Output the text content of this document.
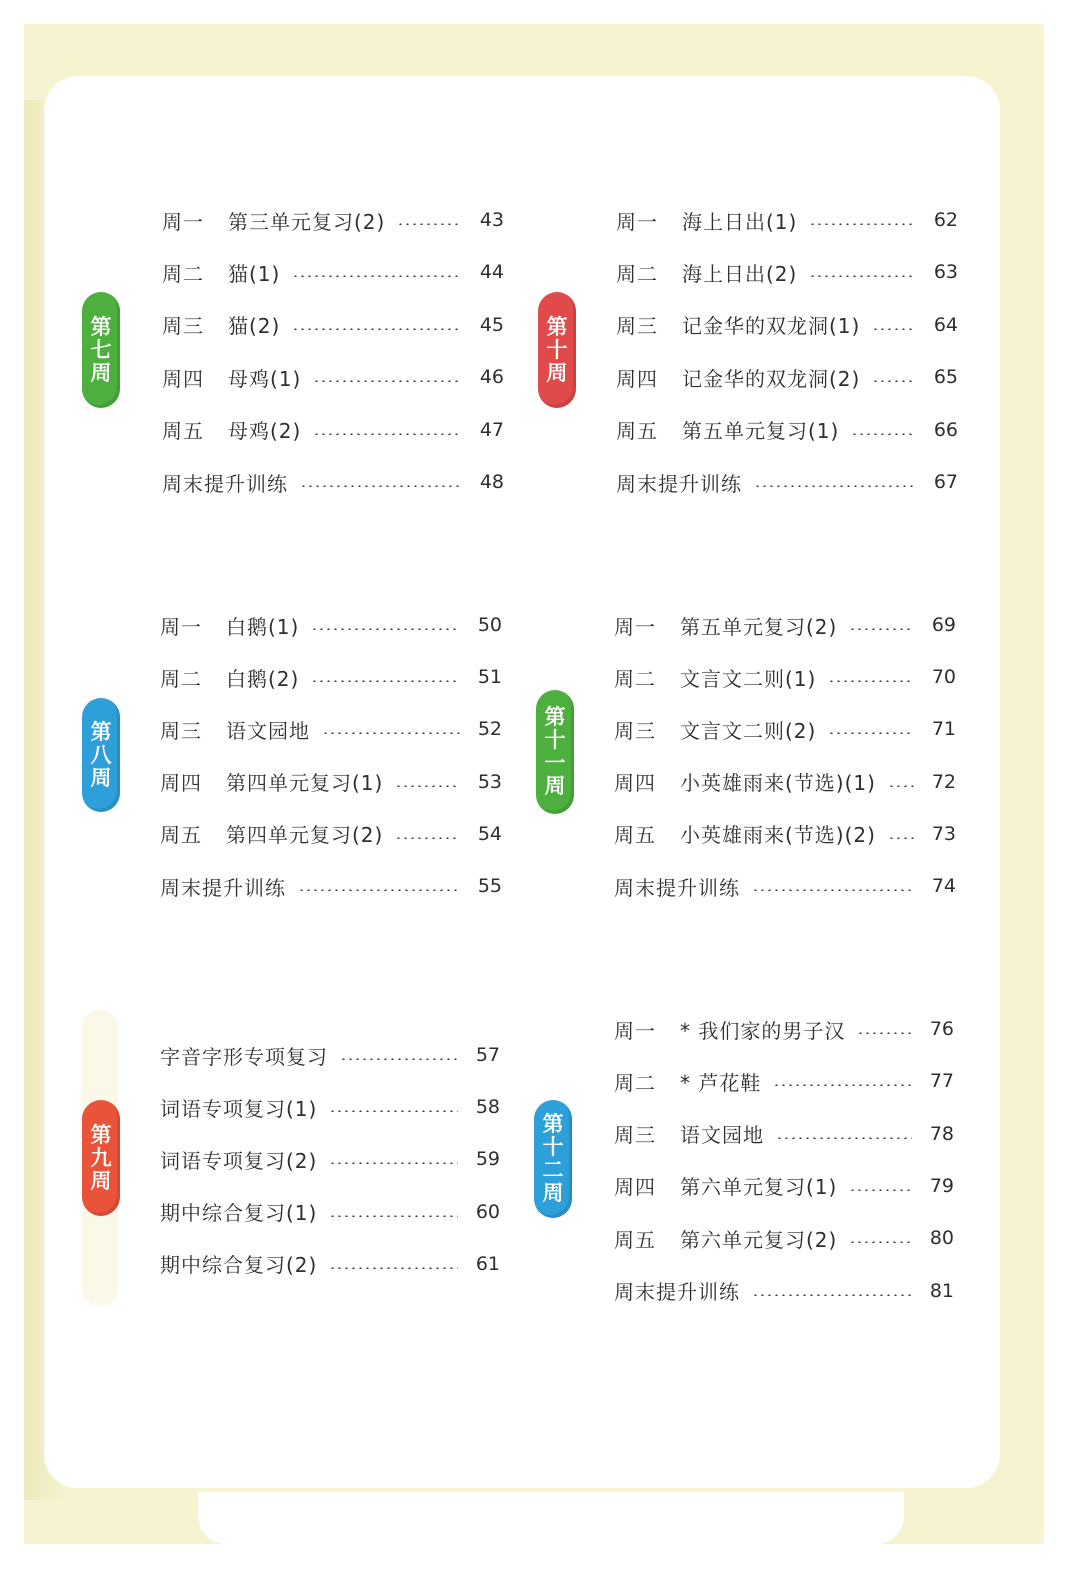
第
七
周
周一	第三单元复习(2)	43
周二	猫(1)	44
周三	猫(2)	45
周四	母鸡(1)	46
周五	母鸡(2)	47
周末提升训练	48
第
八
周
周一	白鹅(1)	50
周二	白鹅(2)	51
周三	语文园地	52
周四	第四单元复习(1)	53
周五	第四单元复习(2)	54
周末提升训练	55
第
九
周
字音字形专项复习	57
词语专项复习(1)	58
词语专项复习(2)	59
期中综合复习(1)	60
期中综合复习(2)	61
第
十
周
周一	海上日出(1)	62
周二	海上日出(2)	63
周三	记金华的双龙洞(1)	64
周四	记金华的双龙洞(2)	65
周五	第五单元复习(1)	66
周末提升训练	67
第
十
一
周
周一	第五单元复习(2)	69
周二	文言文二则(1)	70
周三	文言文二则(2)	71
周四	小英雄雨来(节选)(1)	72
周五	小英雄雨来(节选)(2)	73
周末提升训练	74
第
十
二
周
周一	* 我们家的男子汉	76
周二	* 芦花鞋	77
周三	语文园地	78
周四	第六单元复习(1)	79
周五	第六单元复习(2)	80
周末提升训练	81
